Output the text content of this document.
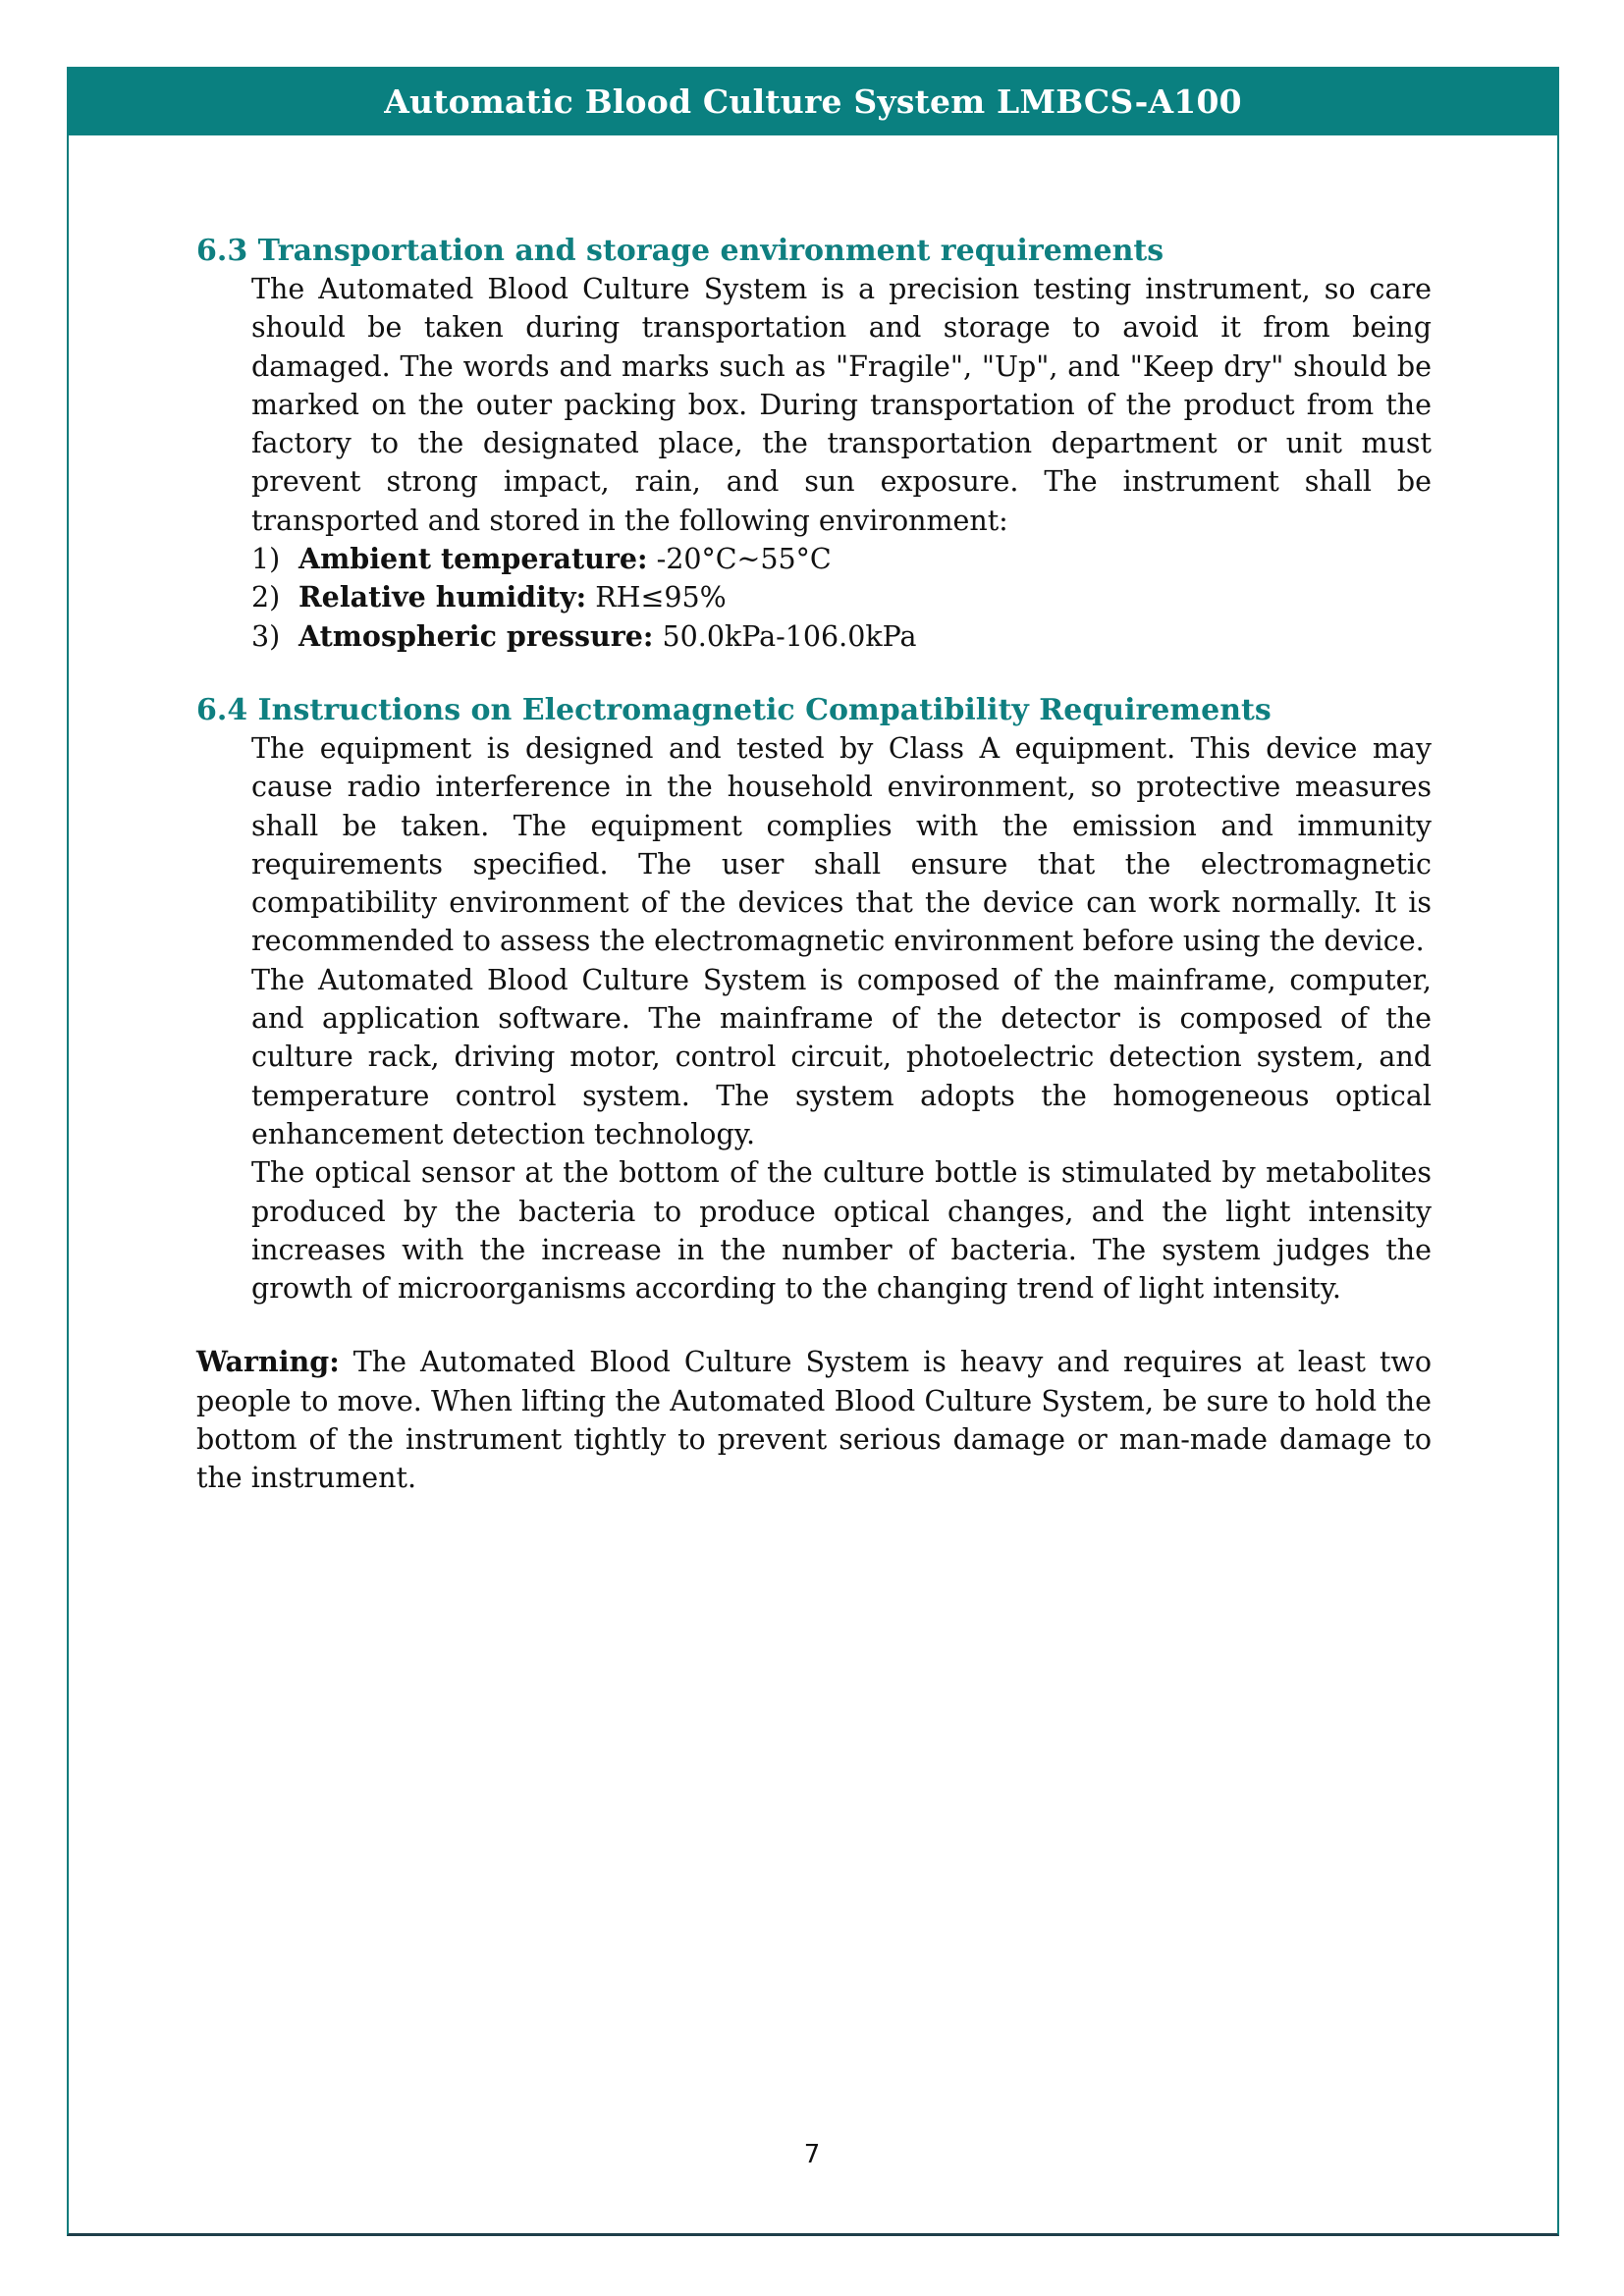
Automatic Blood Culture System LMBCS-A100
6.3 Transportation and storage environment requirements

The Automated Blood Culture System is a precision testing instrument, so care should be taken during transportation and storage to avoid it from being damaged. The words and marks such as "Fragile", "Up", and "Keep dry" should be marked on the outer packing box. During transportation of the product from the factory to the designated place, the transportation department or unit must prevent strong impact, rain, and sun exposure. The instrument shall be transported and stored in the following environment:

1) Ambient temperature: -20°C~55°C
2) Relative humidity: RH≤95%
3) Atmospheric pressure: 50.0kPa-106.0kPa
6.4 Instructions on Electromagnetic Compatibility Requirements

The equipment is designed and tested by Class A equipment. This device may cause radio interference in the household environment, so protective measures shall be taken. The equipment complies with the emission and immunity requirements specified. The user shall ensure that the electromagnetic compatibility environment of the devices that the device can work normally. It is recommended to assess the electromagnetic environment before using the device.

The Automated Blood Culture System is composed of the mainframe, computer, and application software. The mainframe of the detector is composed of the culture rack, driving motor, control circuit, photoelectric detection system, and temperature control system. The system adopts the homogeneous optical enhancement detection technology.

The optical sensor at the bottom of the culture bottle is stimulated by metabolites produced by the bacteria to produce optical changes, and the light intensity increases with the increase in the number of bacteria. The system judges the growth of microorganisms according to the changing trend of light intensity.

Warning: The Automated Blood Culture System is heavy and requires at least two people to move. When lifting the Automated Blood Culture System, be sure to hold the bottom of the instrument tightly to prevent serious damage or man-made damage to the instrument.

7
